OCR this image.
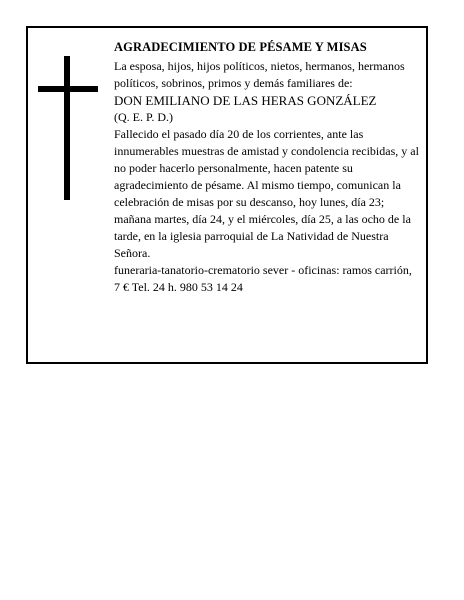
AGRADECIMIENTO DE PÉSAME Y MISAS

La esposa, hijos, hijos políticos, nietos, hermanos, hermanos políticos, sobrinos, primos y demás familiares de:

DON EMILIANO DE LAS HERAS GONZÁLEZ

(Q. E. P. D.)

Fallecido el pasado día 20 de los corrientes, ante las innumerables muestras de amistad y condolencia recibidas, y al no poder hacerlo personalmente, hacen patente su agradecimiento de pésame. Al mismo tiempo, comunican la celebración de misas por su descanso, hoy lunes, día 23; mañana martes, día 24, y el miércoles, día 25, a las ocho de la tarde, en la iglesia parroquial de La Natividad de Nuestra Señora.

funeraria-tanatorio-crematorio sever - oficinas: ramos carrión, 7 € Tel. 24 h. 980 53 14 24
